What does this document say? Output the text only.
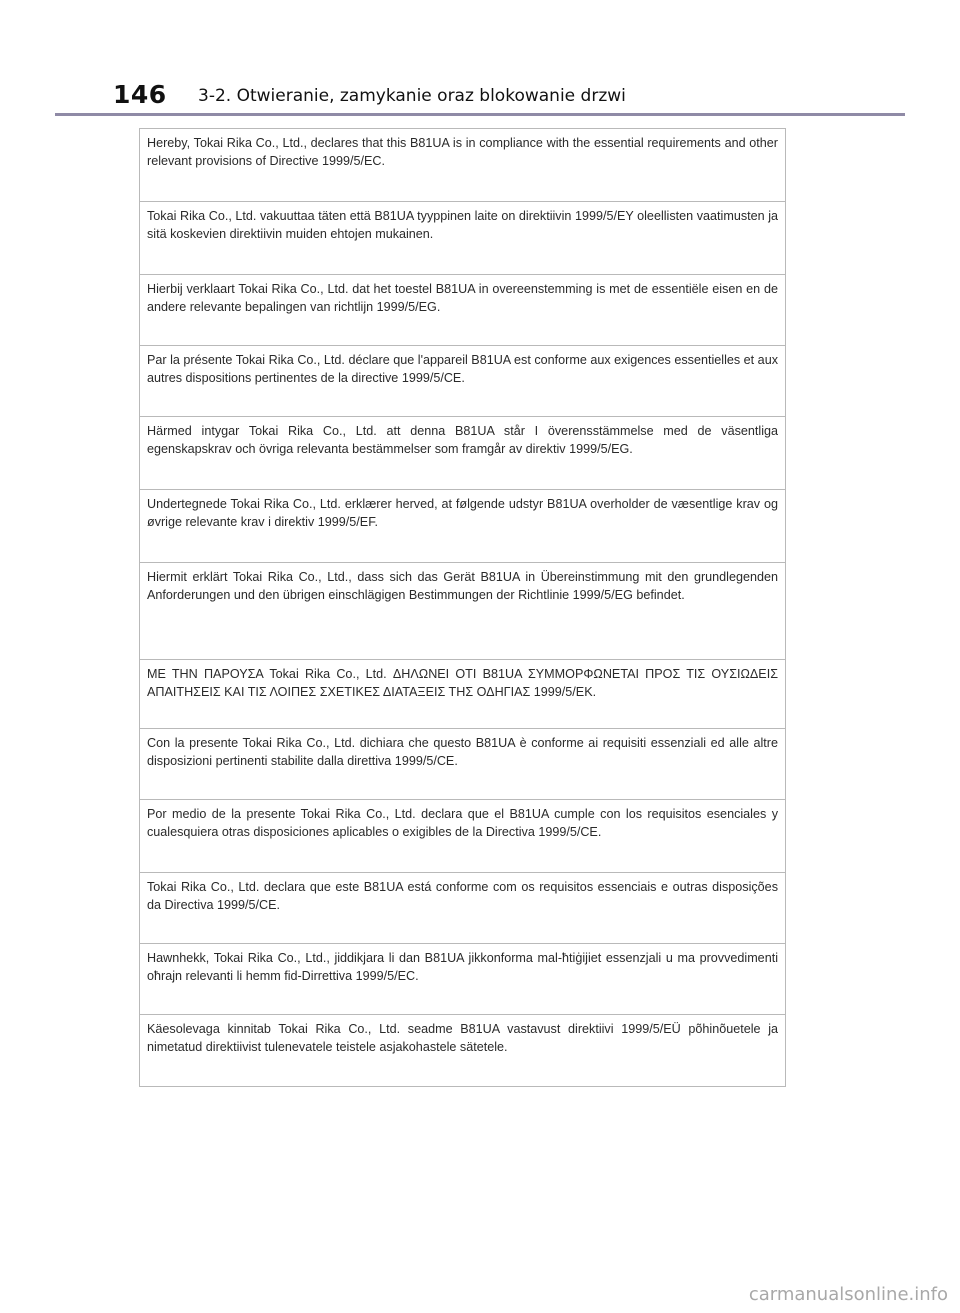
146 3-2. Otwieranie, zamykanie oraz blokowanie drzwi
Hereby, Tokai Rika Co., Ltd., declares that this B81UA is in compliance with the essential requirements and other relevant provisions of Directive 1999/5/EC.
Tokai Rika Co., Ltd. vakuuttaa täten että B81UA tyyppinen laite on direktiivin 1999/5/EY oleellisten vaatimusten ja sitä koskevien direktiivin muiden ehtojen mukainen.
Hierbij verklaart Tokai Rika Co., Ltd. dat het toestel B81UA in overeenstemming is met de essentiële eisen en de andere relevante bepalingen van richtlijn 1999/5/EG.
Par la présente Tokai Rika Co., Ltd. déclare que l'appareil B81UA est conforme aux exigences essentielles et aux autres dispositions pertinentes de la directive 1999/5/CE.
Härmed intygar Tokai Rika Co., Ltd. att denna B81UA står I överensstämmelse med de väsentliga egenskapskrav och övriga relevanta bestämmelser som framgår av direktiv 1999/5/EG.
Undertegnede Tokai Rika Co., Ltd. erklærer herved, at følgende udstyr B81UA overholder de væsentlige krav og øvrige relevante krav i direktiv 1999/5/EF.
Hiermit erklärt Tokai Rika Co., Ltd., dass sich das Gerät B81UA in Übereinstimmung mit den grundlegenden Anforderungen und den übrigen einschlägigen Bestimmungen der Richtlinie 1999/5/EG befindet.
ΜΕ ΤΗΝ ΠΑΡΟΥΣΑ Tokai Rika Co., Ltd. ΔΗΛΩΝΕΙ ΟΤΙ B81UA ΣΥΜΜΟΡΦΩΝΕΤΑΙ ΠΡΟΣ ΤΙΣ ΟΥΣΙΩΔΕΙΣ ΑΠΑΙΤΗΣΕΙΣ ΚΑΙ ΤΙΣ ΛΟΙΠΕΣ ΣΧΕΤΙΚΕΣ ΔΙΑΤΑΞΕΙΣ ΤΗΣ ΟΔΗΓΙΑΣ 1999/5/ΕΚ.
Con la presente Tokai Rika Co., Ltd. dichiara che questo B81UA è conforme ai requisiti essenziali ed alle altre disposizioni pertinenti stabilite dalla direttiva 1999/5/CE.
Por medio de la presente Tokai Rika Co., Ltd. declara que el B81UA cumple con los requisitos esenciales y cualesquiera otras disposiciones aplicables o exigibles de la Directiva 1999/5/CE.
Tokai Rika Co., Ltd. declara que este B81UA está conforme com os requisitos essenciais e outras disposições da Directiva 1999/5/CE.
Hawnhekk, Tokai Rika Co., Ltd., jiddikjara li dan B81UA jikkonforma mal-ħtiġijiet essenzjali u ma provvedimenti oħrajn relevanti li hemm fid-Dirrettiva 1999/5/EC.
Käesolevaga kinnitab Tokai Rika Co., Ltd. seadme B81UA vastavust direktiivi 1999/5/EÜ põhinõuetele ja nimetatud direktiivist tulenevatele teistele asjakohastele sätetele.
carmanualsonline.info
